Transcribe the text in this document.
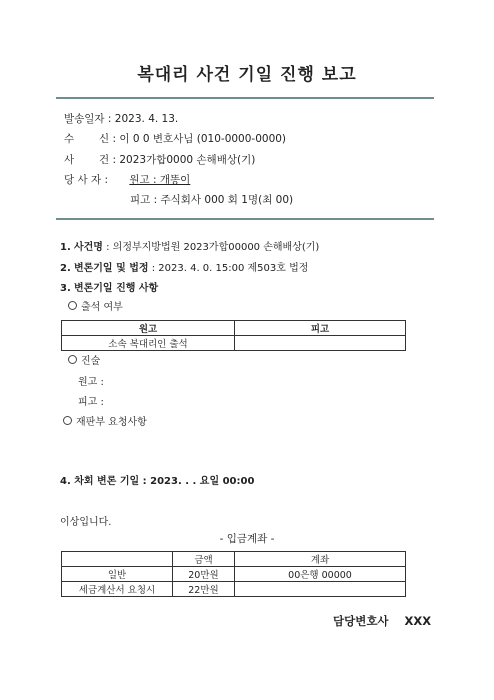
복대리 사건 기일 진행 보고
발송일자 : 2023. 4. 13.
수 신 : 이 0 0 변호사님 (010-0000-0000)
사 건 : 2023가합0000 손해배상(기)
당 사 자 : 원고 : 개똥이
피고 : 주식회사 000 회 1명(최 00)
1. 사건명 : 의정부지방법원 2023가합00000 손해배상(기)
2. 변론기일 및 법정 : 2023. 4. 0. 15:00 제503호 법정
3. 변론기일 진행 사항
출석 여부
원고	피고
소속 복대리인 출석	
진술
원고 :
피고 :
재판부 요청사항
4. 차회 변론 기일 : 2023. . . 요일 00:00
이상입니다.
- 입금계좌 -
	금액	계좌
일반	20만원	00은행 00000
세금계산서 요청시	22만원	
담당변호사    XXX
